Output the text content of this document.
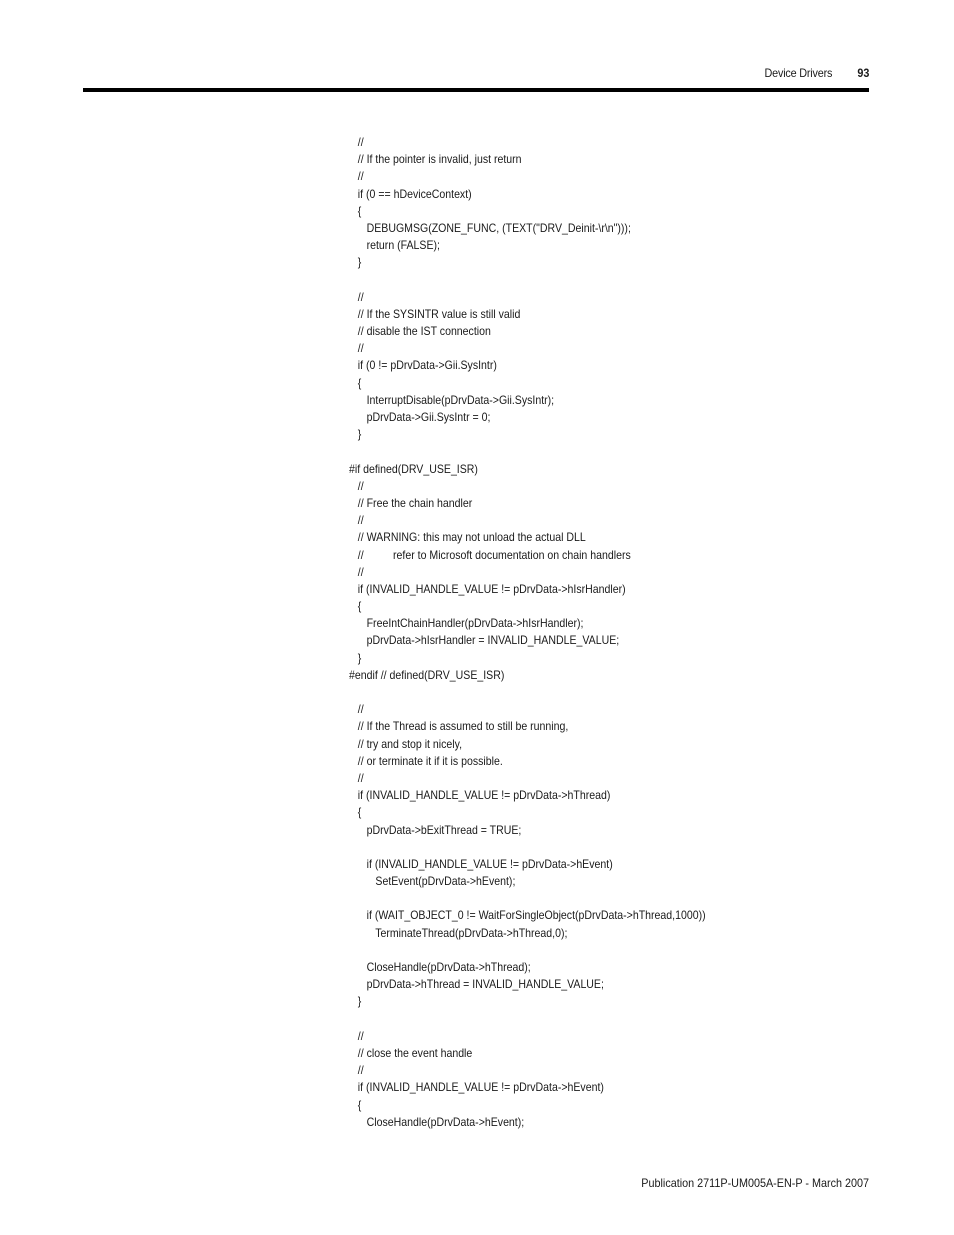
Device Drivers 93
//
// If the pointer is invalid, just return
//
if (0 == hDeviceContext)
{
DEBUGMSG(ZONE_FUNC, (TEXT("DRV_Deinit-\r\n")));
return (FALSE);
}
//
// If the SYSINTR value is still valid
// disable the IST connection
//
if (0 != pDrvData->Gii.SysIntr)
{
InterruptDisable(pDrvData->Gii.SysIntr);
pDrvData->Gii.SysIntr = 0;
}
#if defined(DRV_USE_ISR)
//
// Free the chain handler
//
// WARNING: this may not unload the actual DLL
//          refer to Microsoft documentation on chain handlers
//
if (INVALID_HANDLE_VALUE != pDrvData->hIsrHandler)
{
FreeIntChainHandler(pDrvData->hIsrHandler);
pDrvData->hIsrHandler = INVALID_HANDLE_VALUE;
}
#endif // defined(DRV_USE_ISR)
//
// If the Thread is assumed to still be running,
// try and stop it nicely,
// or terminate it if it is possible.
//
if (INVALID_HANDLE_VALUE != pDrvData->hThread)
{
pDrvData->bExitThread = TRUE;
if (INVALID_HANDLE_VALUE != pDrvData->hEvent)
SetEvent(pDrvData->hEvent);
if (WAIT_OBJECT_0 != WaitForSingleObject(pDrvData->hThread,1000))
TerminateThread(pDrvData->hThread,0);
CloseHandle(pDrvData->hThread);
pDrvData->hThread = INVALID_HANDLE_VALUE;
}
//
// close the event handle
//
if (INVALID_HANDLE_VALUE != pDrvData->hEvent)
{
CloseHandle(pDrvData->hEvent);
Publication 2711P-UM005A-EN-P - March 2007
